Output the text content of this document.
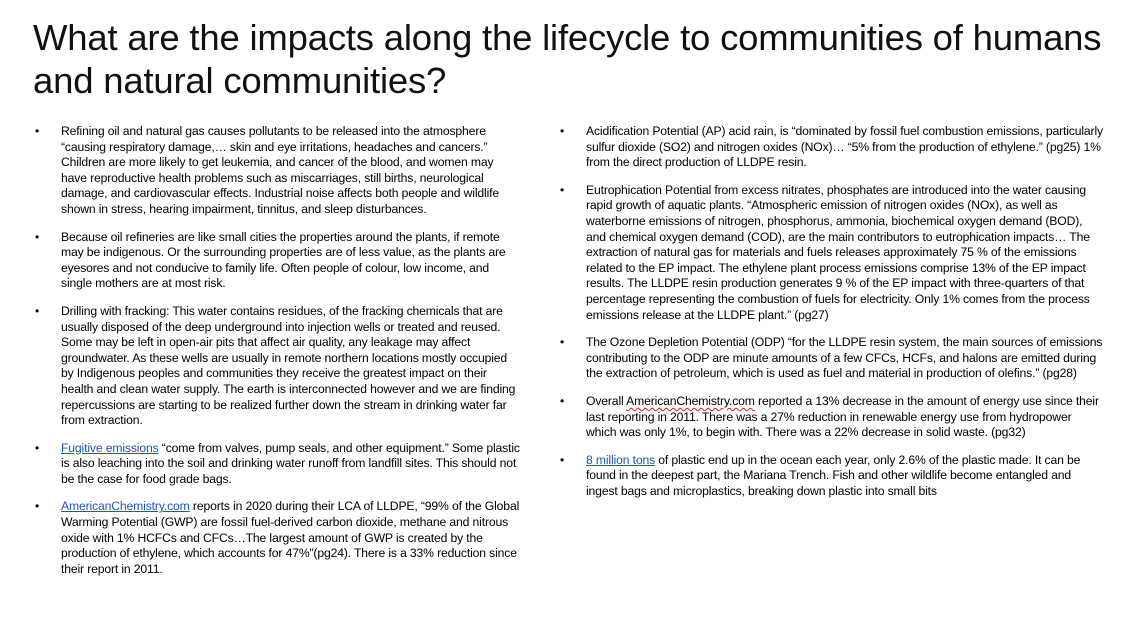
What are the impacts along the lifecycle to communities of humans and natural communities?
• Refining oil and natural gas causes pollutants to be released into the atmosphere “causing respiratory damage,… skin and eye irritations, headaches and cancers.” Children are more likely to get leukemia, and cancer of the blood, and women may have reproductive health problems such as miscarriages, still births, neurological damage, and cardiovascular effects. Industrial noise affects both people and wildlife shown in stress, hearing impairment, tinnitus, and sleep disturbances.
• Because oil refineries are like small cities the properties around the plants, if remote may be indigenous. Or the surrounding properties are of less value, as the plants are eyesores and not conducive to family life. Often people of colour, low income, and single mothers are at most risk.
• Drilling with fracking: This water contains residues, of the fracking chemicals that are usually disposed of the deep underground into injection wells or treated and reused. Some may be left in open-air pits that affect air quality, any leakage may affect groundwater. As these wells are usually in remote northern locations mostly occupied by Indigenous peoples and communities they receive the greatest impact on their health and clean water supply. The earth is interconnected however and we are finding repercussions are starting to be realized further down the stream in drinking water far from extraction.
• Fugitive emissions “come from valves, pump seals, and other equipment.” Some plastic is also leaching into the soil and drinking water runoff from landfill sites. This should not be the case for food grade bags.
• AmericanChemistry.com reports in 2020 during their LCA of LLDPE, “99% of the Global Warming Potential (GWP) are fossil fuel-derived carbon dioxide, methane and nitrous oxide with 1% HCFCs and CFCs…The largest amount of GWP is created by the production of ethylene, which accounts for 47%”(pg24). There is a 33% reduction since their report in 2011.
• Acidification Potential (AP) acid rain, is “dominated by fossil fuel combustion emissions, particularly sulfur dioxide (SO2) and nitrogen oxides (NOx)… “5% from the production of ethylene.” (pg25) 1% from the direct production of LLDPE resin.
• Eutrophication Potential from excess nitrates, phosphates are introduced into the water causing rapid growth of aquatic plants. “Atmospheric emission of nitrogen oxides (NOx), as well as waterborne emissions of nitrogen, phosphorus, ammonia, biochemical oxygen demand (BOD), and chemical oxygen demand (COD), are the main contributors to eutrophication impacts… The extraction of natural gas for materials and fuels releases approximately 75 % of the emissions related to the EP impact. The ethylene plant process emissions comprise 13% of the EP impact results. The LLDPE resin production generates 9 % of the EP impact with three-quarters of that percentage representing the combustion of fuels for electricity. Only 1% comes from the process emissions release at the LLDPE plant.” (pg27)
• The Ozone Depletion Potential (ODP) “for the LLDPE resin system, the main sources of emissions contributing to the ODP are minute amounts of a few CFCs, HCFs, and halons are emitted during the extraction of petroleum, which is used as fuel and material in production of olefins.” (pg28)
• Overall AmericanChemistry.com reported a 13% decrease in the amount of energy use since their last reporting in 2011. There was a 27% reduction in renewable energy use from hydropower which was only 1%, to begin with. There was a 22% decrease in solid waste. (pg32)
• 8 million tons of plastic end up in the ocean each year, only 2.6% of the plastic made. It can be found in the deepest part, the Mariana Trench. Fish and other wildlife become entangled and ingest bags and microplastics, breaking down plastic into small bits
